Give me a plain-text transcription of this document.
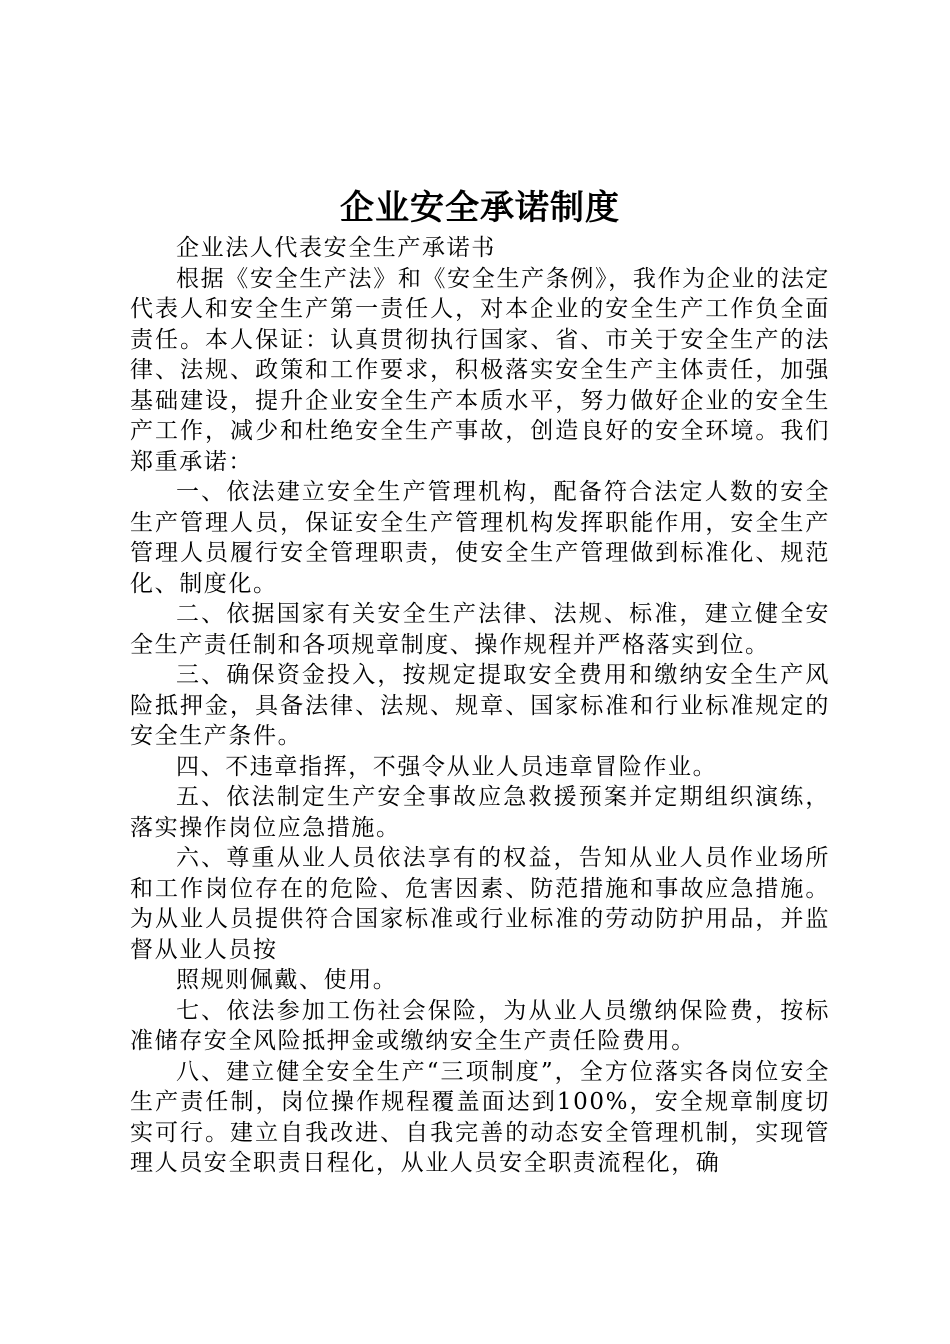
企业安全承诺制度

企业法人代表安全生产承诺书

根据《安全生产法》和《安全生产条例》，我作为企业的法定代表人和安全生产第一责任人，对本企业的安全生产工作负全面责任。本人保证：认真贯彻执行国家、省、市关于安全生产的法律、法规、政策和工作要求，积极落实安全生产主体责任，加强基础建设，提升企业安全生产本质水平，努力做好企业的安全生产工作，减少和杜绝安全生产事故，创造良好的安全环境。我们郑重承诺：

一、依法建立安全生产管理机构，配备符合法定人数的安全生产管理人员，保证安全生产管理机构发挥职能作用，安全生产管理人员履行安全管理职责，使安全生产管理做到标准化、规范化、制度化。

二、依据国家有关安全生产法律、法规、标准，建立健全安全生产责任制和各项规章制度、操作规程并严格落实到位。

三、确保资金投入，按规定提取安全费用和缴纳安全生产风险抵押金，具备法律、法规、规章、国家标准和行业标准规定的安全生产条件。

四、不违章指挥，不强令从业人员违章冒险作业。

五、依法制定生产安全事故应急救援预案并定期组织演练，落实操作岗位应急措施。

六、尊重从业人员依法享有的权益，告知从业人员作业场所和工作岗位存在的危险、危害因素、防范措施和事故应急措施。为从业人员提供符合国家标准或行业标准的劳动防护用品，并监督从业人员按

照规则佩戴、使用。

七、依法参加工伤社会保险，为从业人员缴纳保险费，按标准储存安全风险抵押金或缴纳安全生产责任险费用。

八、建立健全安全生产“三项制度”，全方位落实各岗位安全生产责任制，岗位操作规程覆盖面达到100%，安全规章制度切实可行。建立自我改进、自我完善的动态安全管理机制，实现管理人员安全职责日程化，从业人员安全职责流程化，确
